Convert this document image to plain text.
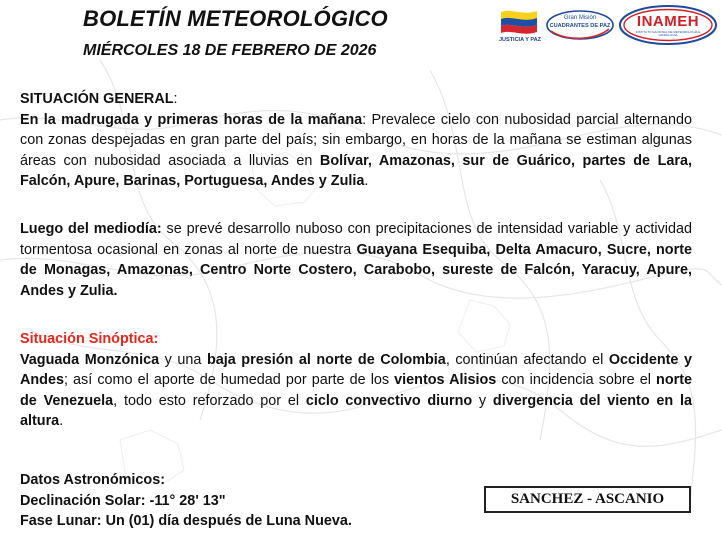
BOLETÍN METEOROLÓGICO
MIÉRCOLES 18 DE FEBRERO DE 2026
JUSTICIA Y PAZ
Gran Misión
CUADRANTES DE PAZ	INAMEH
INSTITUTO NACIONAL DE METEOROLOGÍA E HIDROLOGÍA

SITUACIÓN GENERAL:

En la madrugada y primeras horas de la mañana: Prevalece cielo con nubosidad parcial alternando con zonas despejadas en gran parte del país; sin embargo, en horas de la mañana se estiman algunas áreas con nubosidad asociada a lluvias en Bolívar, Amazonas, sur de Guárico, partes de Lara, Falcón, Apure, Barinas, Portuguesa, Andes y Zulia.

Luego del mediodía: se prevé desarrollo nuboso con precipitaciones de intensidad variable y actividad tormentosa ocasional en zonas al norte de nuestra Guayana Esequiba, Delta Amacuro, Sucre, norte de Monagas, Amazonas, Centro Norte Costero, Carabobo, sureste de Falcón, Yaracuy, Apure, Andes y Zulia.

Situación Sinóptica:

Vaguada Monzónica y una baja presión al norte de Colombia, continúan afectando el Occidente y Andes; así como el aporte de humedad por parte de los vientos Alisios con incidencia sobre el norte de Venezuela, todo esto reforzado por el ciclo convectivo diurno y divergencia del viento en la altura.

Datos Astronómicos:

Declinación Solar: -11° 28' 13"

Fase Lunar: Un (01) día después de Luna Nueva.

SANCHEZ - ASCANIO
